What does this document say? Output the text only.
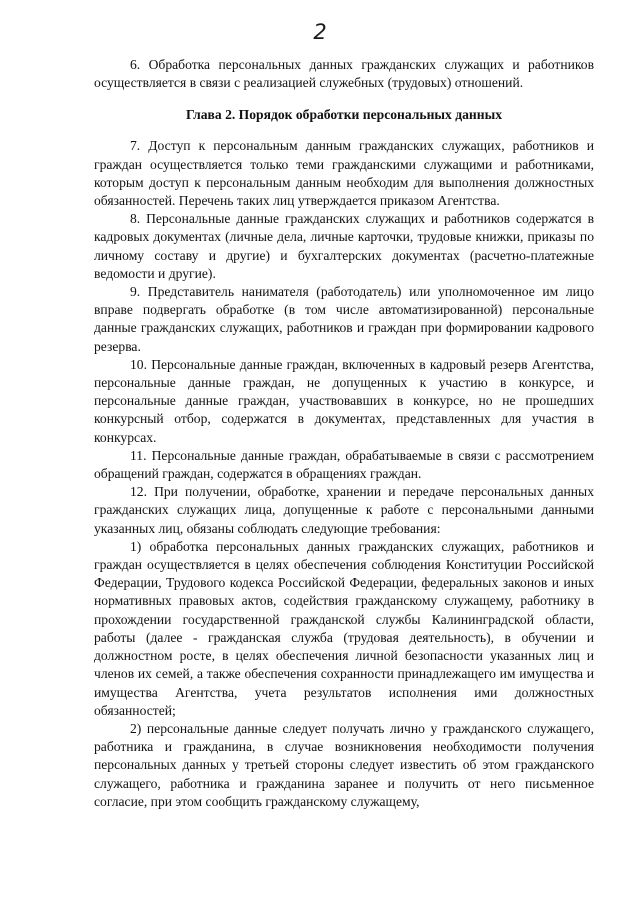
2

6. Обработка персональных данных гражданских служащих и работников осуществляется в связи с реализацией служебных (трудовых) отношений.

Глава 2. Порядок обработки персональных данных

7. Доступ к персональным данным гражданских служащих, работников и граждан осуществляется только теми гражданскими служащими и работниками, которым доступ к персональным данным необходим для выполнения должностных обязанностей. Перечень таких лиц утверждается приказом Агентства.

8. Персональные данные гражданских служащих и работников содержатся в кадровых документах (личные дела, личные карточки, трудовые книжки, приказы по личному составу и другие) и бухгалтерских документах (расчетно-платежные ведомости и другие).

9. Представитель нанимателя (работодатель) или уполномоченное им лицо вправе подвергать обработке (в том числе автоматизированной) персональные данные гражданских служащих, работников и граждан при формировании кадрового резерва.

10. Персональные данные граждан, включенных в кадровый резерв Агентства, персональные данные граждан, не допущенных к участию в конкурсе, и персональные данные граждан, участвовавших в конкурсе, но не прошедших конкурсный отбор, содержатся в документах, представленных для участия в конкурсах.

11. Персональные данные граждан, обрабатываемые в связи с рассмотрением обращений граждан, содержатся в обращениях граждан.

12. При получении, обработке, хранении и передаче персональных данных гражданских служащих лица, допущенные к работе с персональными данными указанных лиц, обязаны соблюдать следующие требования:

1) обработка персональных данных гражданских служащих, работников и граждан осуществляется в целях обеспечения соблюдения Конституции Российской Федерации, Трудового кодекса Российской Федерации, федеральных законов и иных нормативных правовых актов, содействия гражданскому служащему, работнику в прохождении государственной гражданской службы Калининградской области, работы (далее - гражданская служба (трудовая деятельность), в обучении и должностном росте, в целях обеспечения личной безопасности указанных лиц и членов их семей, а также обеспечения сохранности принадлежащего им имущества и имущества Агентства, учета результатов исполнения ими должностных обязанностей;

2) персональные данные следует получать лично у гражданского служащего, работника и гражданина, в случае возникновения необходимости получения персональных данных у третьей стороны следует известить об этом гражданского служащего, работника и гражданина заранее и получить от него письменное согласие, при этом сообщить гражданскому служащему,
